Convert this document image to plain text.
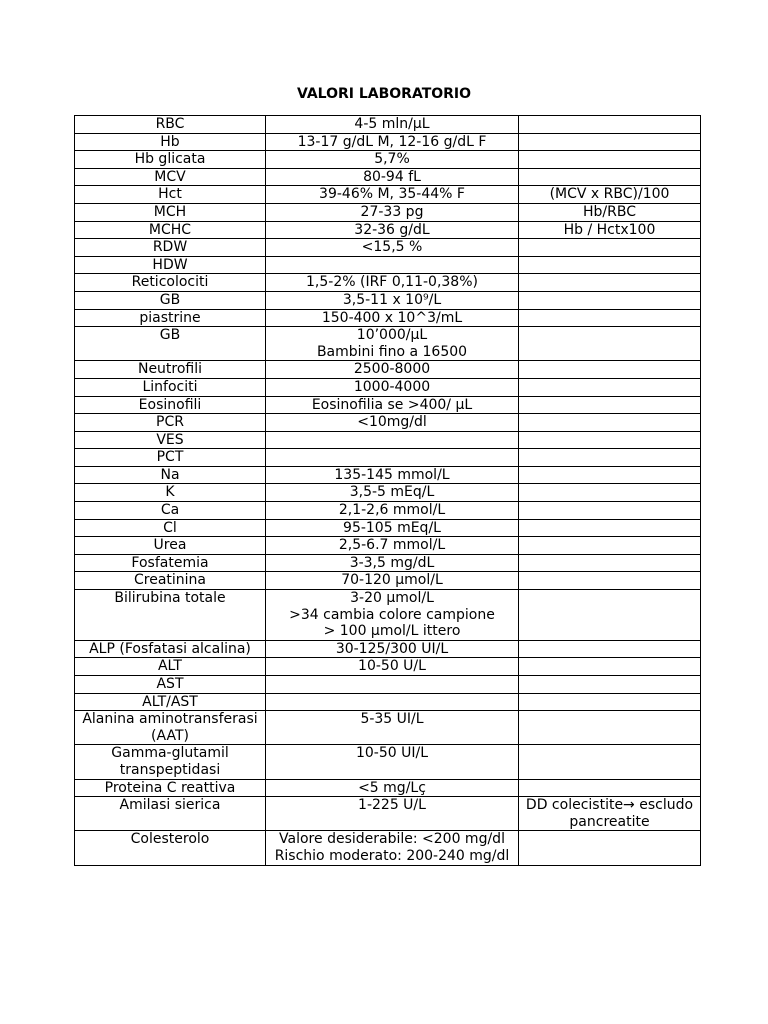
VALORI LABORATORIO
RBC	4-5 mln/µL	
Hb	13-17 g/dL M, 12-16 g/dL F	
Hb glicata	5,7%	
MCV	80-94 fL	
Hct	39-46% M, 35-44% F	(MCV x RBC)/100
MCH	27-33 pg	Hb/RBC
MCHC	32-36 g/dL	Hb / Hctx100
RDW	<15,5 %	
HDW		
Reticolociti	1,5-2% (IRF 0,11-0,38%)	
GB	3,5-11 x 10⁹/L	
piastrine	150-400 x 10^3/mL	
GB	10’000/µL
Bambini fino a 16500	
Neutrofili	2500-8000	
Linfociti	1000-4000	
Eosinofili	Eosinofilia se >400/ µL	
PCR	<10mg/dl	
VES		
PCT		
Na	135-145 mmol/L	
K	3,5-5 mEq/L	
Ca	2,1-2,6 mmol/L	
Cl	95-105 mEq/L	
Urea	2,5-6.7 mmol/L	
Fosfatemia	3-3,5 mg/dL	
Creatinina	70-120 µmol/L	
Bilirubina totale	3-20 µmol/L
>34 cambia colore campione
> 100 µmol/L ittero	
ALP (Fosfatasi alcalina)	30-125/300 UI/L	
ALT	10-50 U/L	
AST		
ALT/AST		
Alanina aminotransferasi (AAT)	5-35 UI/L	
Gamma-glutamil transpeptidasi	10-50 UI/L	
Proteina C reattiva	<5 mg/Lç	
Amilasi sierica	1-225 U/L	DD colecistite→ escludo pancreatite
Colesterolo	Valore desiderabile: <200 mg/dl
Rischio moderato: 200-240 mg/dl	
